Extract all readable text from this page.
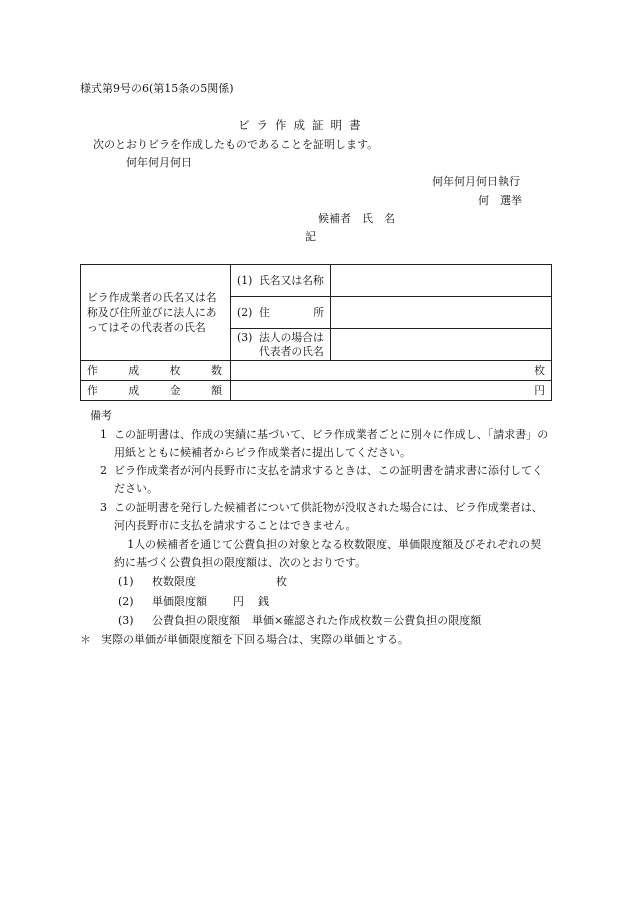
様式第9号の6(第15条の5関係)
ビラ作成証明書
次のとおりビラを作成したものであることを証明します。
何年何月何日
何年何月何日執行
何　選挙
候補者　氏　名
記
ビラ作成業者の氏名又は名称及び住所並びに法人にあってはその代表者の氏名	(1) 氏名又は名称	

	(2) 住 所	

	(3) 法人の場合は代表者の氏名	

作 成 枚 数	枚	

作 成 金 額	円	
備考
1 この証明書は、作成の実績に基づいて、ビラ作成業者ごとに別々に作成し、「請求書」の用紙とともに候補者からビラ作成業者に提出してください。
2 ビラ作成業者が河内長野市に支払を請求するときは、この証明書を請求書に添付してください。
3 この証明書を発行した候補者について供託物が没収された場合には、ビラ作成業者は、河内長野市に支払を請求することはできません。
1人の候補者を通じて公費負担の対象となる枚数限度、単価限度額及びそれぞれの契約に基づく公費負担の限度額は、次のとおりです。
(1) 枚数限度	枚
(2) 単価限度額 円 銭
(3) 公費負担の限度額 単価×確認された作成枚数＝公費負担の限度額
＊ 実際の単価が単価限度額を下回る場合は、実際の単価とする。
